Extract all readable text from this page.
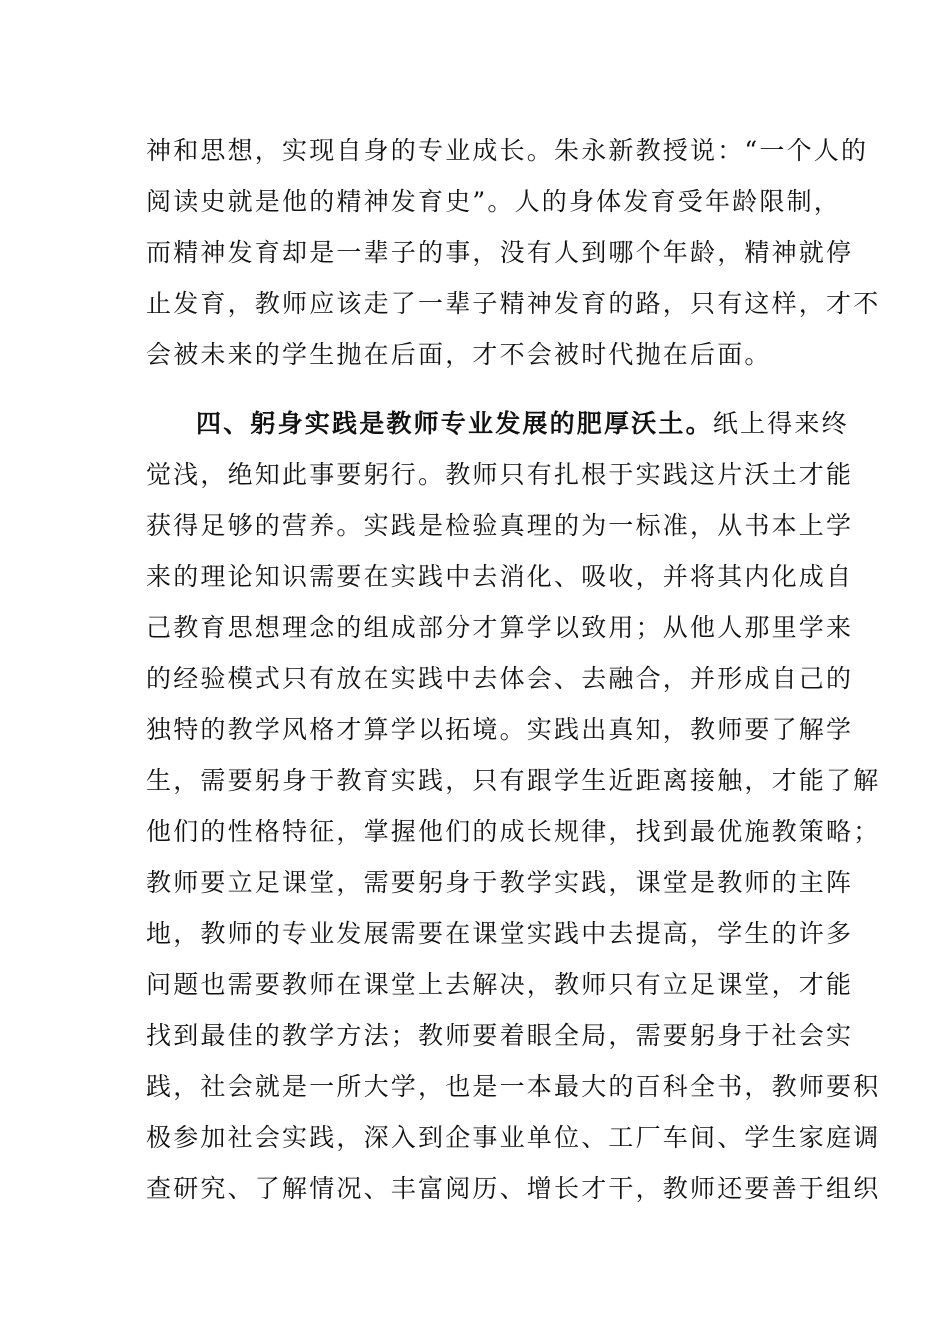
神和思想，实现自身的专业成长。朱永新教授说：“一个人的
阅读史就是他的精神发育史”。人的身体发育受年龄限制，
而精神发育却是一辈子的事，没有人到哪个年龄，精神就停
止发育，教师应该走了一辈子精神发育的路，只有这样，才不
会被未来的学生抛在后面，才不会被时代抛在后面。
四、躬身实践是教师专业发展的肥厚沃土。纸上得来终
觉浅，绝知此事要躬行。教师只有扎根于实践这片沃土才能
获得足够的营养。实践是检验真理的为一标准，从书本上学
来的理论知识需要在实践中去消化、吸收，并将其内化成自
己教育思想理念的组成部分才算学以致用；从他人那里学来
的经验模式只有放在实践中去体会、去融合，并形成自己的
独特的教学风格才算学以拓境。实践出真知，教师要了解学
生，需要躬身于教育实践，只有跟学生近距离接触，才能了解
他们的性格特征，掌握他们的成长规律，找到最优施教策略；
教师要立足课堂，需要躬身于教学实践，课堂是教师的主阵
地，教师的专业发展需要在课堂实践中去提高，学生的许多
问题也需要教师在课堂上去解决，教师只有立足课堂，才能
找到最佳的教学方法；教师要着眼全局，需要躬身于社会实
践，社会就是一所大学，也是一本最大的百科全书，教师要积
极参加社会实践，深入到企事业单位、工厂车间、学生家庭调
查研究、了解情况、丰富阅历、增长才干，教师还要善于组织
